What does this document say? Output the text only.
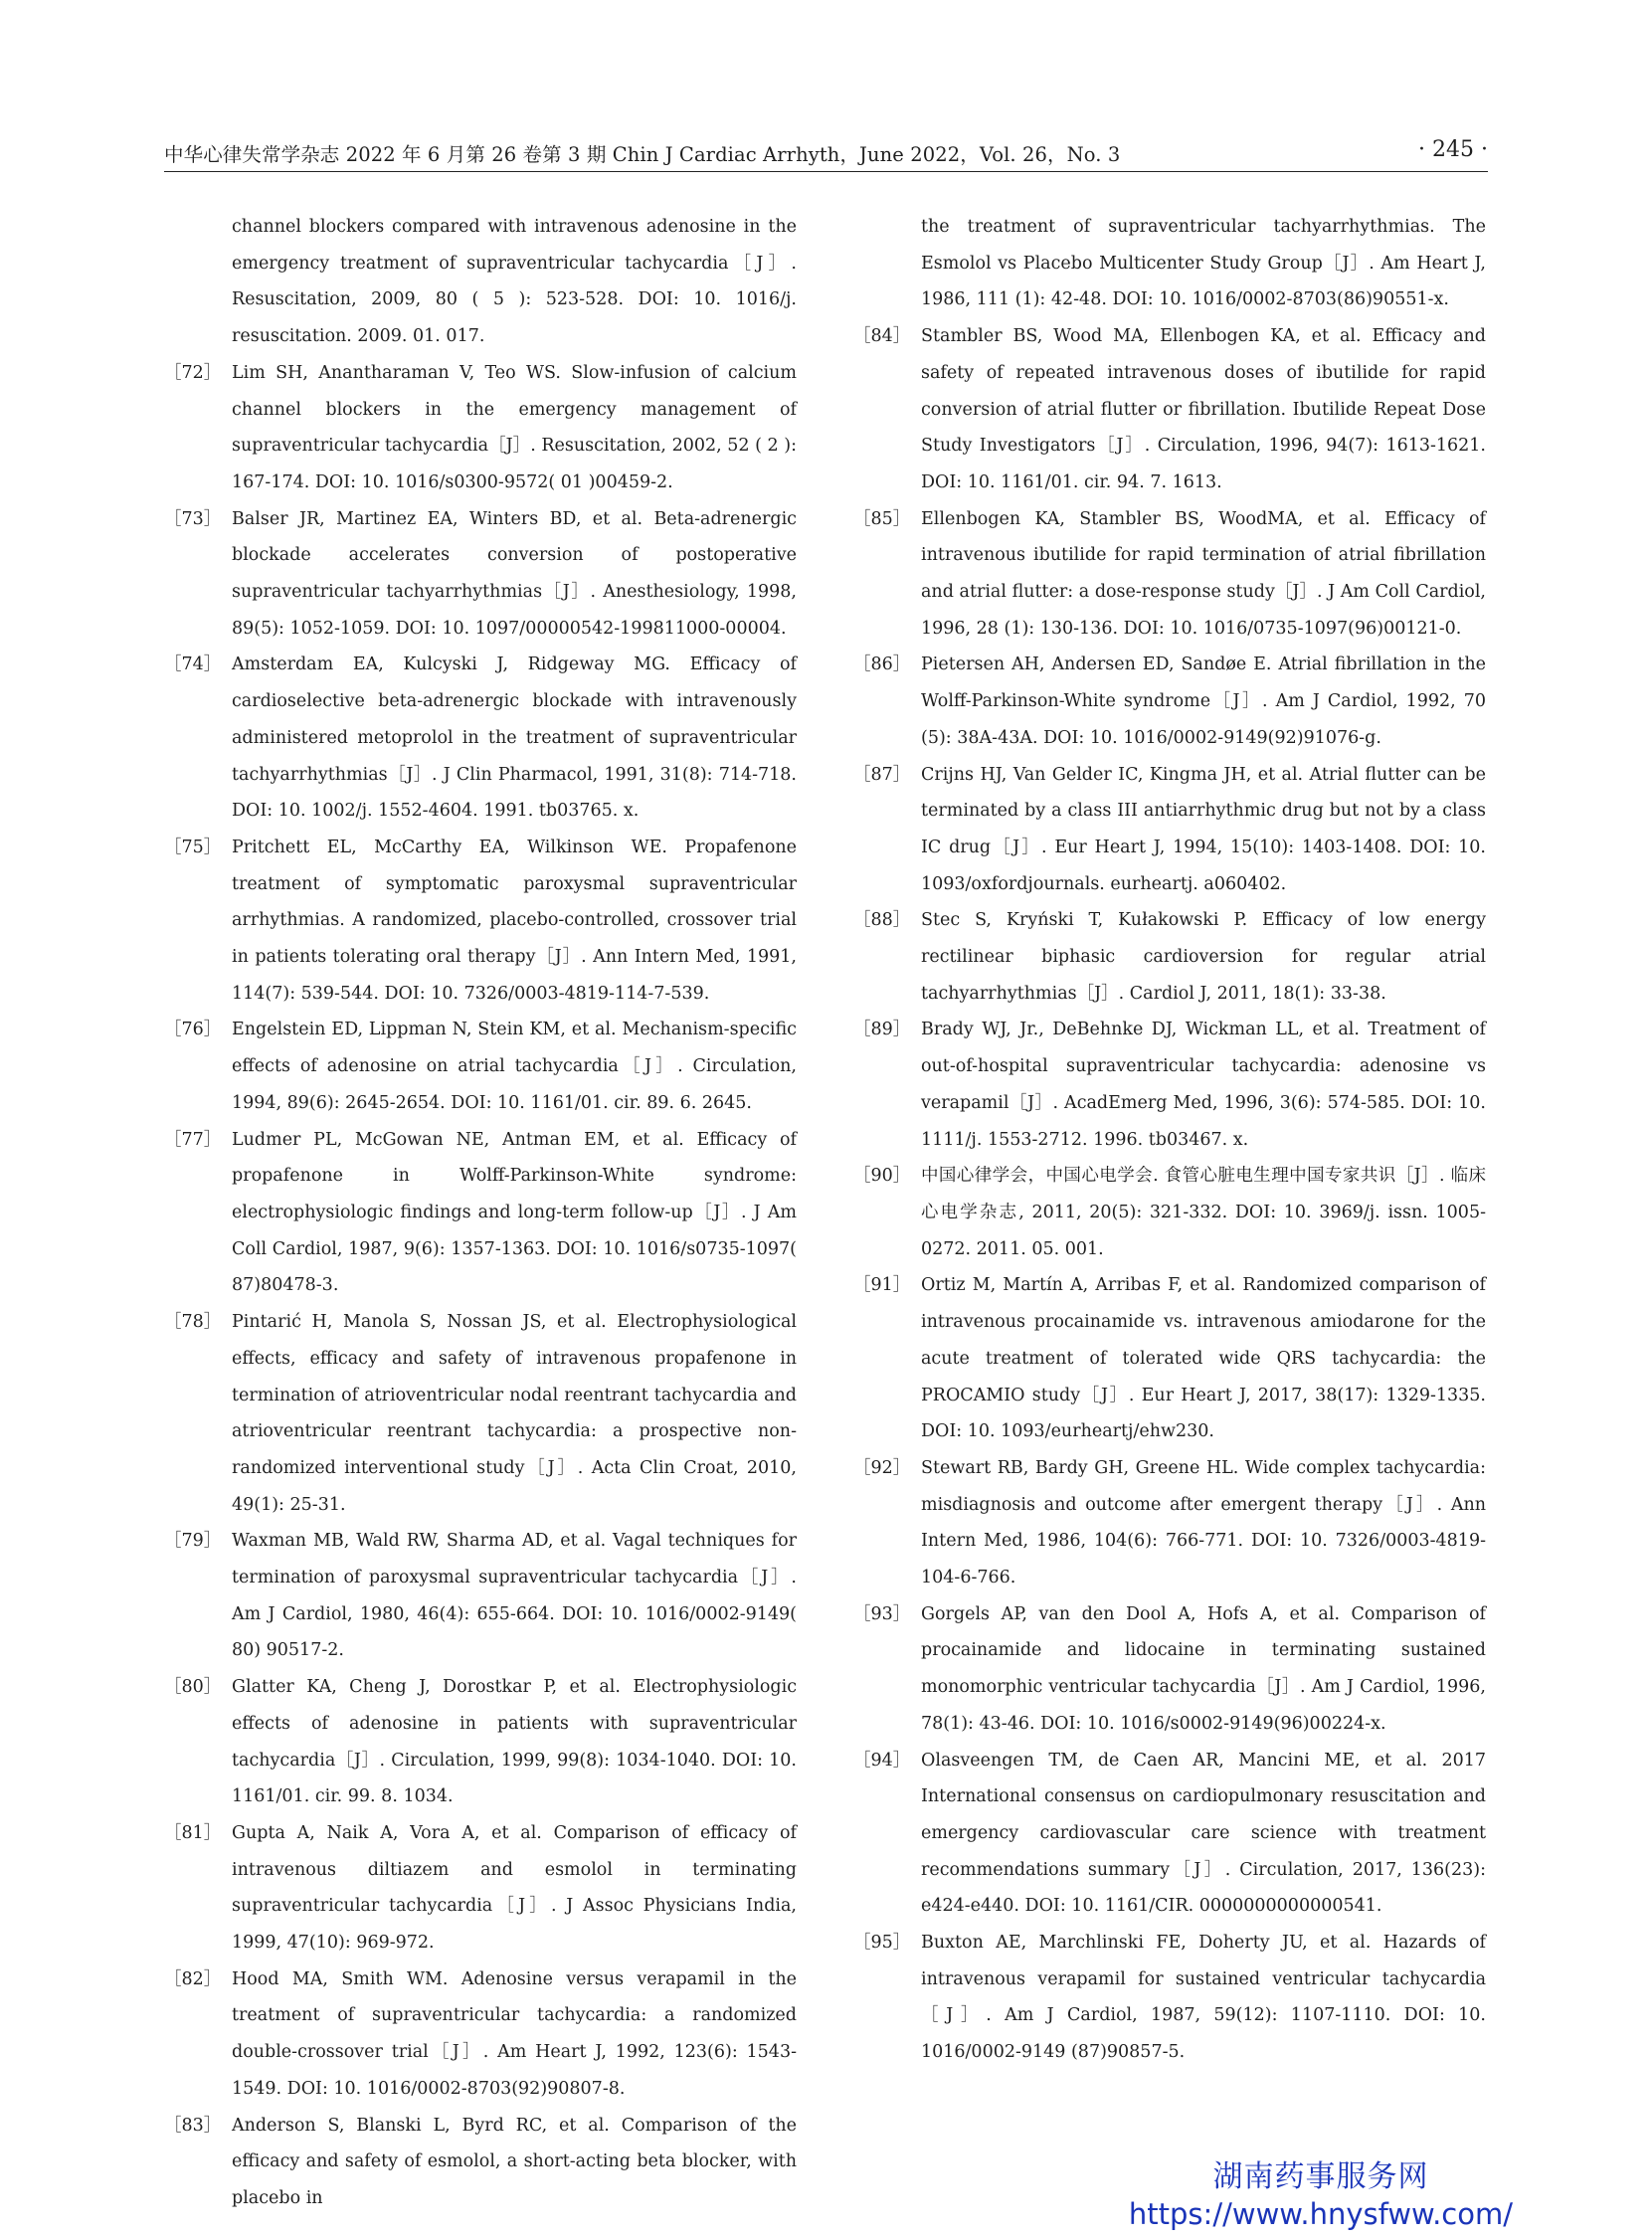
中华心律失常学杂志 2022 年 6 月第 26 卷第 3 期 Chin J Cardiac Arrhyth，June 2022，Vol. 26，No. 3	· 245 ·
channel blockers compared with intravenous adenosine in the emergency treatment of supraventricular tachycardia［J］. Resuscitation, 2009, 80 ( 5 ): 523-528. DOI: 10. 1016/j. resuscitation. 2009. 01. 017.
［72］ Lim SH, Anantharaman V, Teo WS. Slow-infusion of calcium channel blockers in the emergency management of supraventricular tachycardia［J］. Resuscitation, 2002, 52 ( 2 ): 167-174. DOI: 10. 1016/s0300-9572( 01 )00459-2.
［73］ Balser JR, Martinez EA, Winters BD, et al. Beta-adrenergic blockade accelerates conversion of postoperative supraventricular tachyarrhythmias［J］. Anesthesiology, 1998, 89(5): 1052-1059. DOI: 10. 1097/00000542-199811000-00004.
［74］ Amsterdam EA, Kulcyski J, Ridgeway MG. Efficacy of cardioselective beta-adrenergic blockade with intravenously administered metoprolol in the treatment of supraventricular tachyarrhythmias［J］. J Clin Pharmacol, 1991, 31(8): 714-718. DOI: 10. 1002/j. 1552-4604. 1991. tb03765. x.
［75］ Pritchett EL, McCarthy EA, Wilkinson WE. Propafenone treatment of symptomatic paroxysmal supraventricular arrhythmias. A randomized, placebo-controlled, crossover trial in patients tolerating oral therapy［J］. Ann Intern Med, 1991, 114(7): 539-544. DOI: 10. 7326/0003-4819-114-7-539.
［76］ Engelstein ED, Lippman N, Stein KM, et al. Mechanism-specific effects of adenosine on atrial tachycardia［J］. Circulation, 1994, 89(6): 2645-2654. DOI: 10. 1161/01. cir. 89. 6. 2645.
［77］ Ludmer PL, McGowan NE, Antman EM, et al. Efficacy of propafenone in Wolff-Parkinson-White syndrome: electrophysiologic findings and long-term follow-up［J］. J Am Coll Cardiol, 1987, 9(6): 1357-1363. DOI: 10. 1016/s0735-1097( 87)80478-3.
［78］ Pintarić H, Manola S, Nossan JS, et al. Electrophysiological effects, efficacy and safety of intravenous propafenone in termination of atrioventricular nodal reentrant tachycardia and atrioventricular reentrant tachycardia: a prospective non-randomized interventional study［J］. Acta Clin Croat, 2010, 49(1): 25-31.
［79］ Waxman MB, Wald RW, Sharma AD, et al. Vagal techniques for termination of paroxysmal supraventricular tachycardia［J］. Am J Cardiol, 1980, 46(4): 655-664. DOI: 10. 1016/0002-9149( 80) 90517-2.
［80］ Glatter KA, Cheng J, Dorostkar P, et al. Electrophysiologic effects of adenosine in patients with supraventricular tachycardia［J］. Circulation, 1999, 99(8): 1034-1040. DOI: 10. 1161/01. cir. 99. 8. 1034.
［81］ Gupta A, Naik A, Vora A, et al. Comparison of efficacy of intravenous diltiazem and esmolol in terminating supraventricular tachycardia［J］. J Assoc Physicians India, 1999, 47(10): 969-972.
［82］ Hood MA, Smith WM. Adenosine versus verapamil in the treatment of supraventricular tachycardia: a randomized double-crossover trial［J］. Am Heart J, 1992, 123(6): 1543-1549. DOI: 10. 1016/0002-8703(92)90807-8.
［83］ Anderson S, Blanski L, Byrd RC, et al. Comparison of the efficacy and safety of esmolol, a short-acting beta blocker, with placebo in
the treatment of supraventricular tachyarrhythmias. The Esmolol vs Placebo Multicenter Study Group［J］. Am Heart J, 1986, 111 (1): 42-48. DOI: 10. 1016/0002-8703(86)90551-x.
［84］ Stambler BS, Wood MA, Ellenbogen KA, et al. Efficacy and safety of repeated intravenous doses of ibutilide for rapid conversion of atrial flutter or fibrillation. Ibutilide Repeat Dose Study Investigators［J］. Circulation, 1996, 94(7): 1613-1621. DOI: 10. 1161/01. cir. 94. 7. 1613.
［85］ Ellenbogen KA, Stambler BS, WoodMA, et al. Efficacy of intravenous ibutilide for rapid termination of atrial fibrillation and atrial flutter: a dose-response study［J］. J Am Coll Cardiol, 1996, 28 (1): 130-136. DOI: 10. 1016/0735-1097(96)00121-0.
［86］ Pietersen AH, Andersen ED, Sandøe E. Atrial fibrillation in the Wolff-Parkinson-White syndrome［J］. Am J Cardiol, 1992, 70 (5): 38A-43A. DOI: 10. 1016/0002-9149(92)91076-g.
［87］ Crijns HJ, Van Gelder IC, Kingma JH, et al. Atrial flutter can be terminated by a class III antiarrhythmic drug but not by a class IC drug［J］. Eur Heart J, 1994, 15(10): 1403-1408. DOI: 10. 1093/oxfordjournals. eurheartj. a060402.
［88］ Stec S, Kryński T, Kułakowski P. Efficacy of low energy rectilinear biphasic cardioversion for regular atrial tachyarrhythmias［J］. Cardiol J, 2011, 18(1): 33-38.
［89］ Brady WJ, Jr., DeBehnke DJ, Wickman LL, et al. Treatment of out-of-hospital supraventricular tachycardia: adenosine vs verapamil［J］. AcadEmerg Med, 1996, 3(6): 574-585. DOI: 10. 1111/j. 1553-2712. 1996. tb03467. x.
［90］ 中国心律学会，中国心电学会. 食管心脏电生理中国专家共识［J］. 临床心电学杂志, 2011, 20(5): 321-332. DOI: 10. 3969/j. issn. 1005-0272. 2011. 05. 001.
［91］ Ortiz M, Martín A, Arribas F, et al. Randomized comparison of intravenous procainamide vs. intravenous amiodarone for the acute treatment of tolerated wide QRS tachycardia: the PROCAMIO study［J］. Eur Heart J, 2017, 38(17): 1329-1335. DOI: 10. 1093/eurheartj/ehw230.
［92］ Stewart RB, Bardy GH, Greene HL. Wide complex tachycardia: misdiagnosis and outcome after emergent therapy［J］. Ann Intern Med, 1986, 104(6): 766-771. DOI: 10. 7326/0003-4819-104-6-766.
［93］ Gorgels AP, van den Dool A, Hofs A, et al. Comparison of procainamide and lidocaine in terminating sustained monomorphic ventricular tachycardia［J］. Am J Cardiol, 1996, 78(1): 43-46. DOI: 10. 1016/s0002-9149(96)00224-x.
［94］ Olasveengen TM, de Caen AR, Mancini ME, et al. 2017 International consensus on cardiopulmonary resuscitation and emergency cardiovascular care science with treatment recommendations summary［J］. Circulation, 2017, 136(23): e424-e440. DOI: 10. 1161/CIR. 0000000000000541.
［95］ Buxton AE, Marchlinski FE, Doherty JU, et al. Hazards of intravenous verapamil for sustained ventricular tachycardia［J］. Am J Cardiol, 1987, 59(12): 1107-1110. DOI: 10. 1016/0002-9149 (87)90857-5.
湖南药事服务网
https://www.hnysfww.com/
